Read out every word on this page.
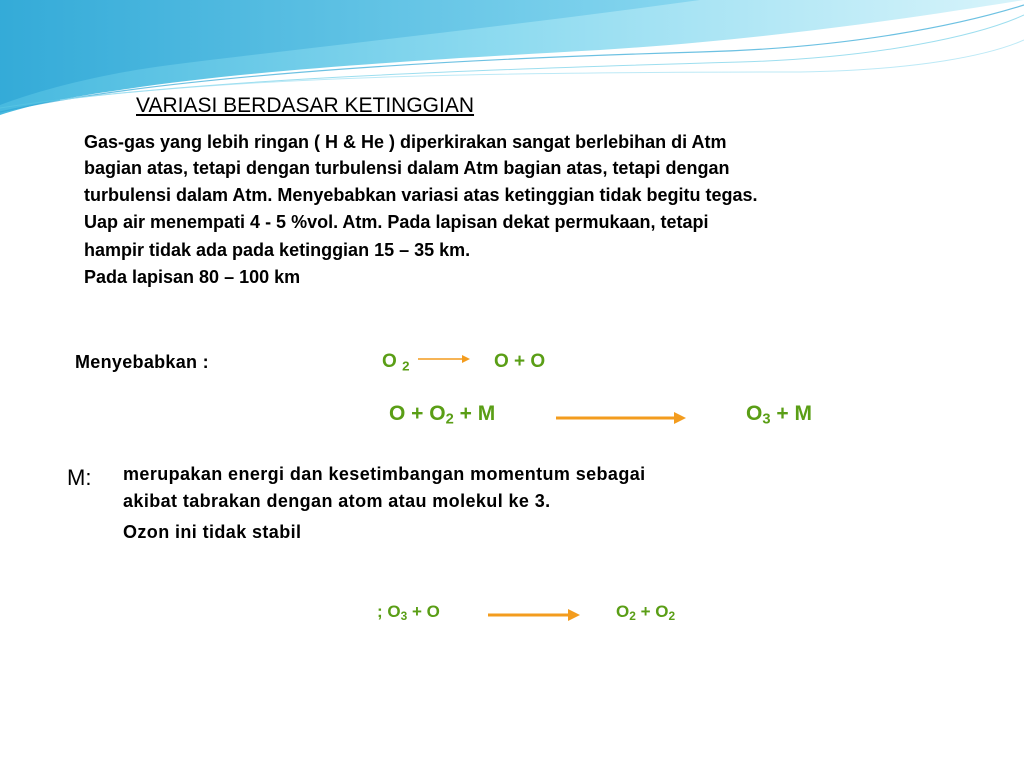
VARIASI BERDASAR KETINGGIAN
Gas-gas yang lebih ringan ( H & He ) diperkirakan sangat berlebihan di Atm
bagian atas, tetapi dengan turbulensi dalam Atm bagian atas, tetapi dengan
turbulensi dalam Atm. Menyebabkan variasi atas ketinggian tidak begitu tegas.
Uap air menempati 4 - 5 %vol. Atm. Pada lapisan dekat permukaan, tetapi
hampir tidak ada pada ketinggian 15 – 35 km.
Pada lapisan 80 – 100 km
Menyebabkan :	O $_2$	O + O
$O + O_2 + M$	$O_3 + M$
M: merupakan energi dan kesetimbangan momentum sebagai
akibat tabrakan dengan atom atau molekul ke 3.
Ozon ini tidak stabil
; $O_3 + O$	$O_2 + O_2$
